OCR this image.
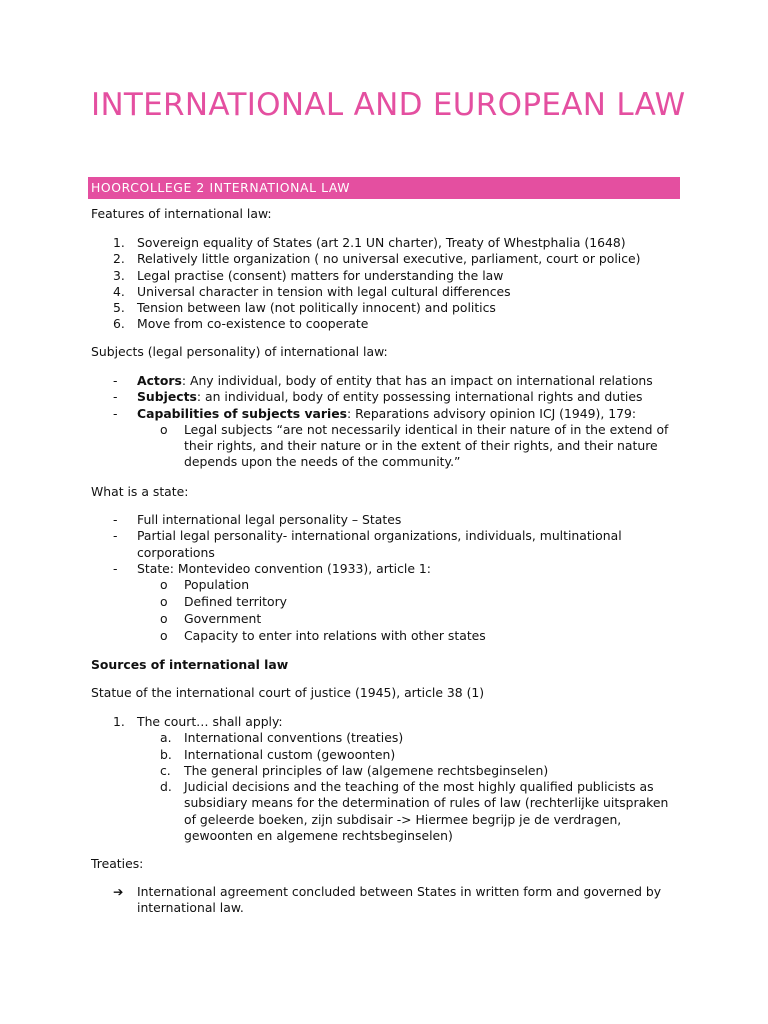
INTERNATIONAL AND EUROPEAN LAW
HOORCOLLEGE 2 INTERNATIONAL LAW
Features of international law:
1. Sovereign equality of States (art 2.1 UN charter), Treaty of Whestphalia (1648)
2. Relatively little organization ( no universal executive, parliament, court or police)
3. Legal practise (consent) matters for understanding the law
4. Universal character in tension with legal cultural differences
5. Tension between law (not politically innocent) and politics
6. Move from co-existence to cooperate
Subjects (legal personality) of international law:
- Actors: Any individual, body of entity that has an impact on international relations
- Subjects: an individual, body of entity possessing international rights and duties
- Capabilities of subjects varies: Reparations advisory opinion ICJ (1949), 179:
o Legal subjects “are not necessarily identical in their nature of in the extend of their rights, and their nature or in the extent of their rights, and their nature depends upon the needs of the community.”
What is a state:
- Full international legal personality – States
- Partial legal personality- international organizations, individuals, multinational corporations
- State: Montevideo convention (1933), article 1:
o Population
o Defined territory
o Government
o Capacity to enter into relations with other states
Sources of international law
Statue of the international court of justice (1945), article 38 (1)
1. The court… shall apply:
a. International conventions (treaties)
b. International custom (gewoonten)
c. The general principles of law (algemene rechtsbeginselen)
d. Judicial decisions and the teaching of the most highly qualified publicists as subsidiary means for the determination of rules of law (rechterlijke uitspraken of geleerde boeken, zijn subdisair -> Hiermee begrijp je de verdragen, gewoonten en algemene rechtsbeginselen)
Treaties:
➔ International agreement concluded between States in written form and governed by international law.
